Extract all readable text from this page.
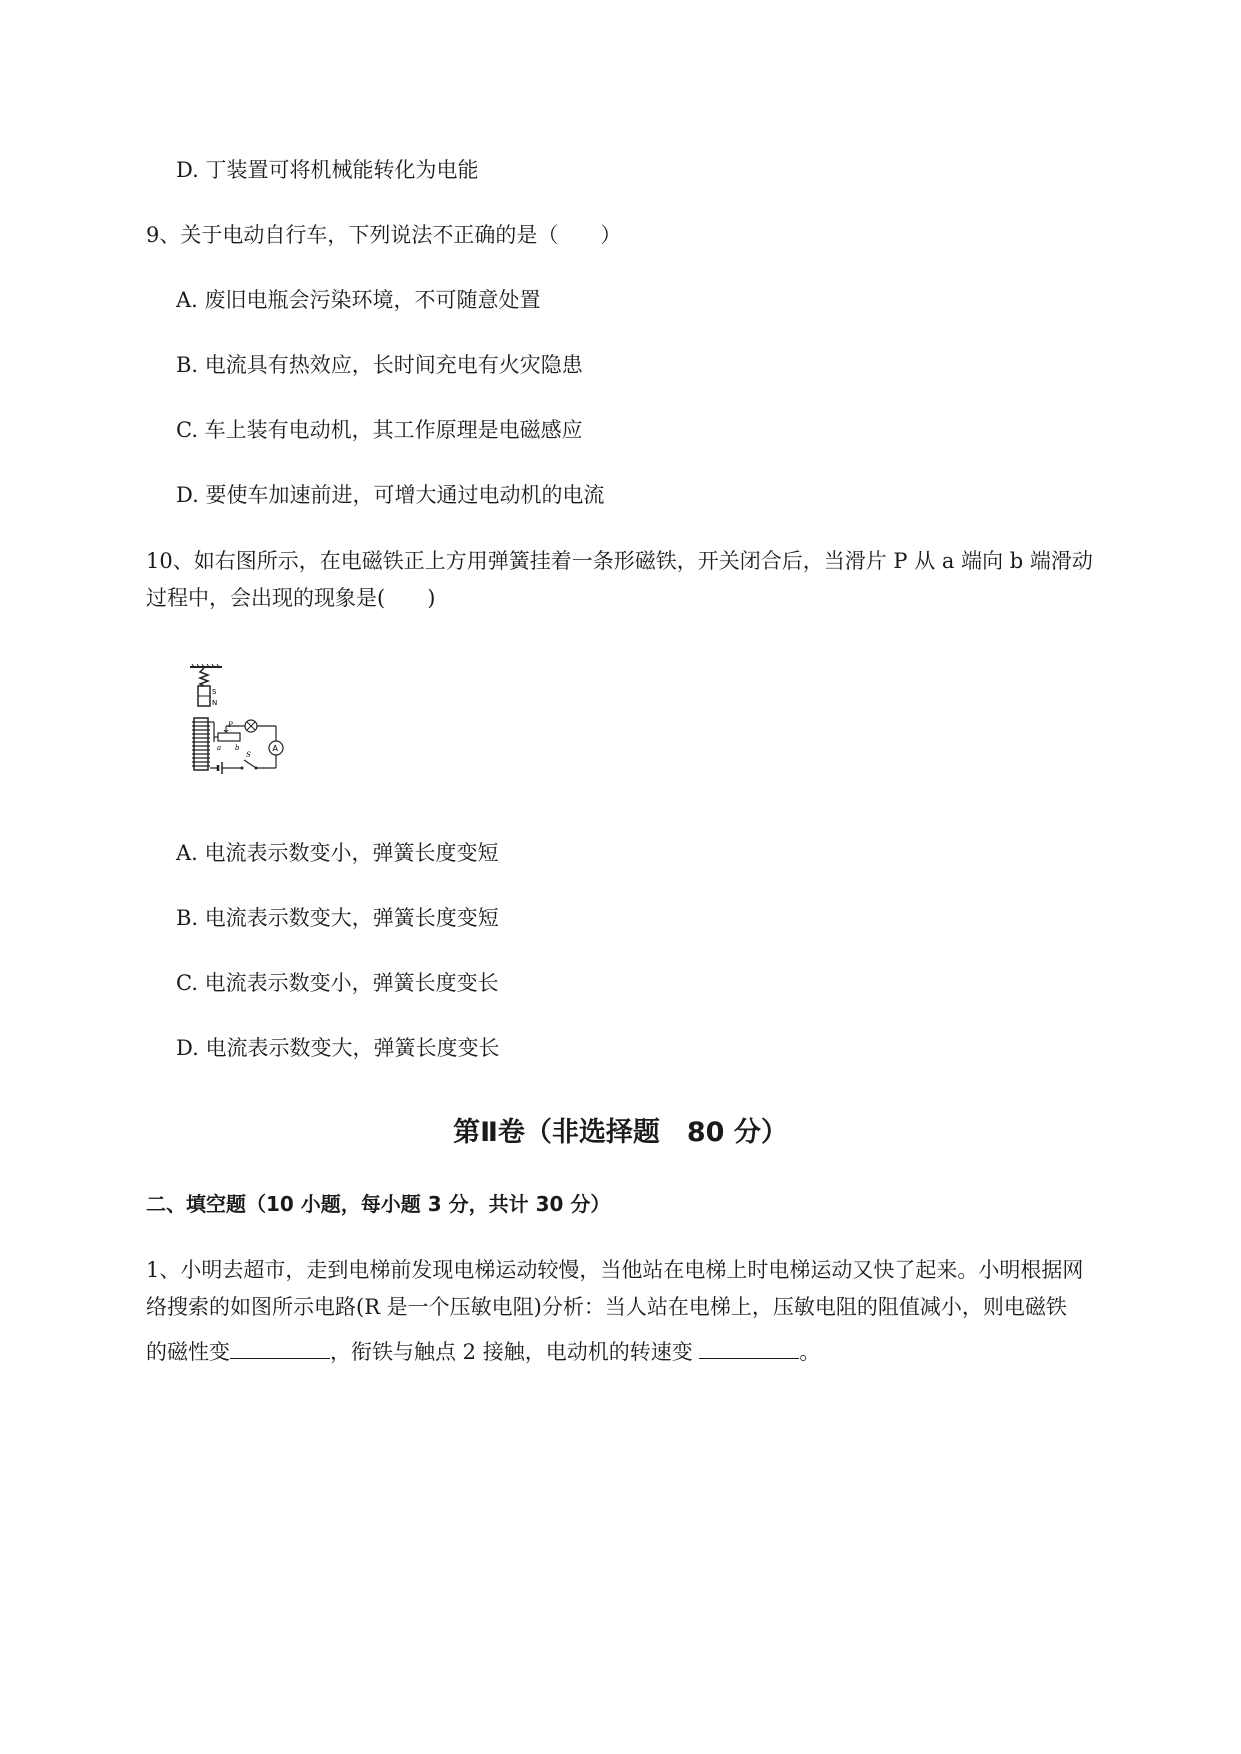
D. 丁装置可将机械能转化为电能
9、关于电动自行车，下列说法不正确的是（　　）
A. 废旧电瓶会污染环境，不可随意处置
B. 电流具有热效应，长时间充电有火灾隐患
C. 车上装有电动机，其工作原理是电磁感应
D. 要使车加速前进，可增大通过电动机的电流
10、如右图所示，在电磁铁正上方用弹簧挂着一条形磁铁，开关闭合后，当滑片 P 从 a 端向 b 端滑动
过程中，会出现的现象是(　　)
S
N
P
a b	A
S
A. 电流表示数变小，弹簧长度变短
B. 电流表示数变大，弹簧长度变短
C. 电流表示数变小，弹簧长度变长
D. 电流表示数变大，弹簧长度变长
第Ⅱ卷（非选择题　80 分）
二、填空题（10 小题，每小题 3 分，共计 30 分）
1、小明去超市，走到电梯前发现电梯运动较慢，当他站在电梯上时电梯运动又快了起来。小明根据网
络搜索的如图所示电路(R 是一个压敏电阻)分析：当人站在电梯上，压敏电阻的阻值减小，则电磁铁
的磁性变	，衔铁与触点 2 接触，电动机的转速变	。
